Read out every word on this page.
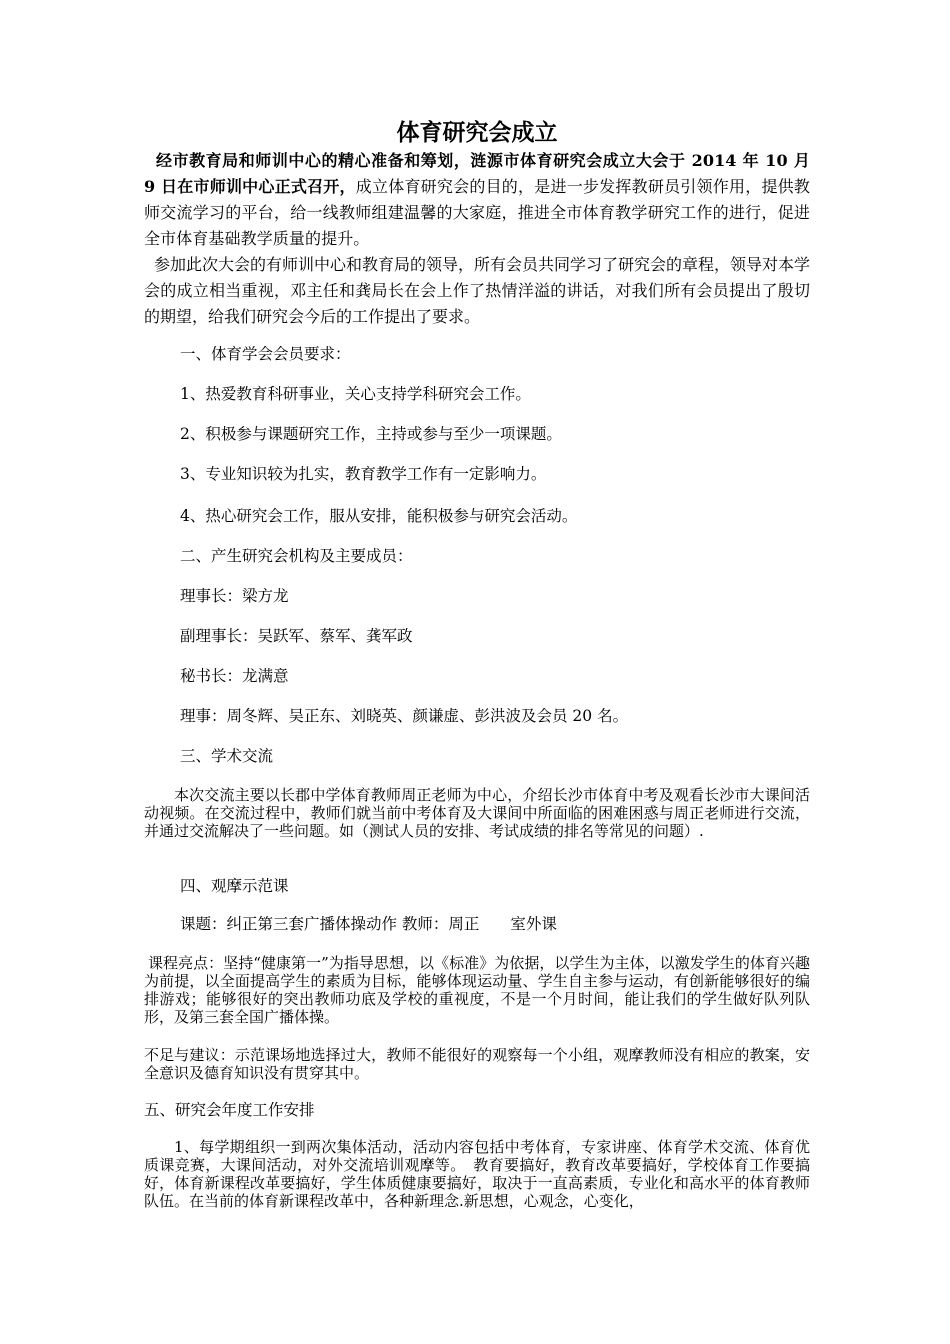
体育研究会成立

经市教育局和师训中心的精心准备和筹划，涟源市体育研究会成立大会于 2014 年 10 月 9 日在市师训中心正式召开，成立体育研究会的目的，是进一步发挥教研员引领作用，提供教师交流学习的平台，给一线教师组建温馨的大家庭，推进全市体育教学研究工作的进行，促进全市体育基础教学质量的提升。

参加此次大会的有师训中心和教育局的领导，所有会员共同学习了研究会的章程，领导对本学会的成立相当重视，邓主任和龚局长在会上作了热情洋溢的讲话，对我们所有会员提出了殷切的期望，给我们研究会今后的工作提出了要求。

一、体育学会会员要求：

1、热爱教育科研事业，关心支持学科研究会工作。

2、积极参与课题研究工作，主持或参与至少一项课题。

3、专业知识较为扎实，教育教学工作有一定影响力。

4、热心研究会工作，服从安排，能积极参与研究会活动。

二、产生研究会机构及主要成员：

理事长：梁方龙

副理事长：吴跃军、蔡军、龚军政

秘书长：龙满意

理事：周冬辉、吴正东、刘晓英、颜谦虚、彭洪波及会员 20 名。

三、学术交流

本次交流主要以长郡中学体育教师周正老师为中心，介绍长沙市体育中考及观看长沙市大课间活动视频。在交流过程中，教师们就当前中考体育及大课间中所面临的困难困惑与周正老师进行交流，并通过交流解决了一些问题。如（测试人员的安排、考试成绩的排名等常见的问题）.

四、观摩示范课

课题：纠正第三套广播体操动作 教师：周正　　室外课

课程亮点：坚持“健康第一”为指导思想，以《标准》为依据，以学生为主体，以激发学生的体育兴趣为前提，以全面提高学生的素质为目标，能够体现运动量、学生自主参与运动，有创新能够很好的编排游戏；能够很好的突出教师功底及学校的重视度，不是一个月时间，能让我们的学生做好队列队形，及第三套全国广播体操。

不足与建议：示范课场地选择过大，教师不能很好的观察每一个小组，观摩教师没有相应的教案，安全意识及德育知识没有贯穿其中。

五、研究会年度工作安排

1、每学期组织一到两次集体活动，活动内容包括中考体育，专家讲座、体育学术交流、体育优质课竞赛，大课间活动，对外交流培训观摩等。　教育要搞好，教育改革要搞好，学校体育工作要搞好，体育新课程改革要搞好，学生体质健康要搞好，取决于一直高素质，专业化和高水平的体育教师队伍。在当前的体育新课程改革中，各种新理念.新思想，心观念，心变化，
